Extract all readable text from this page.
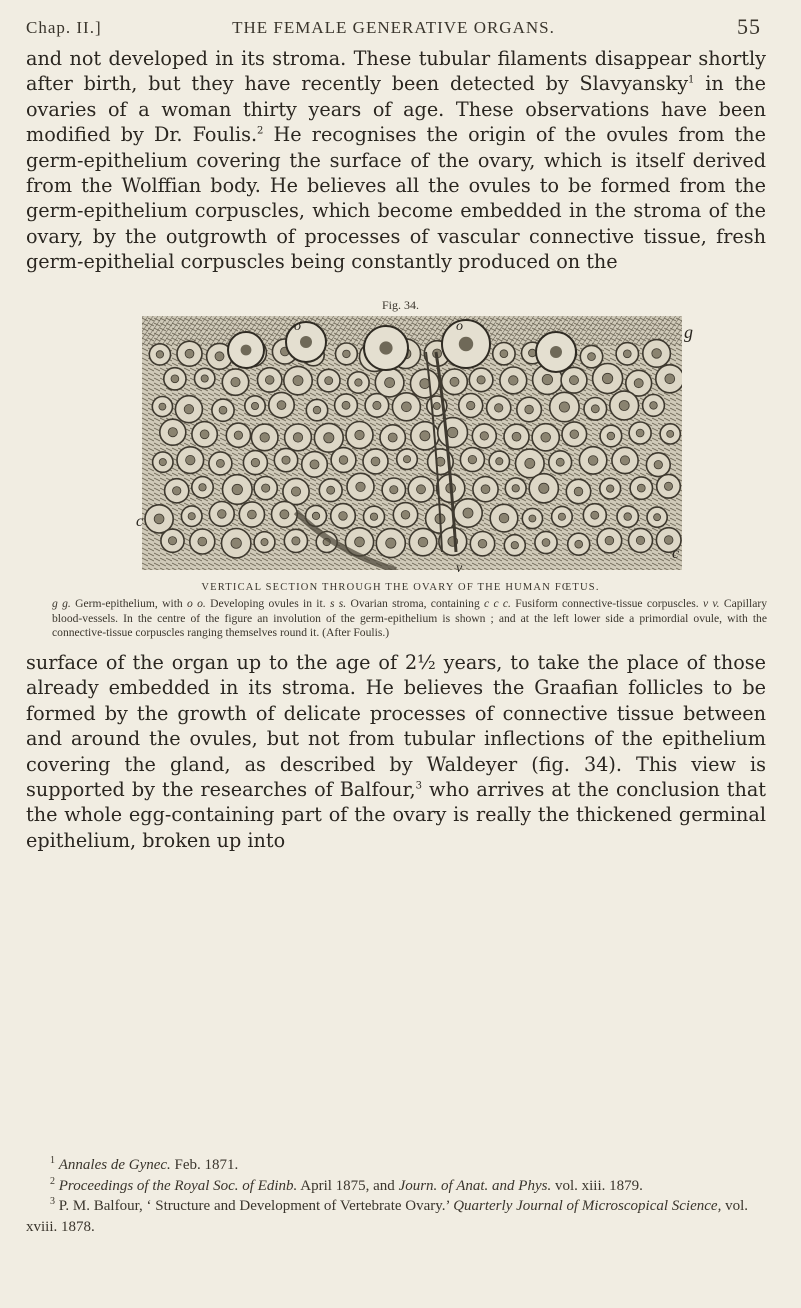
Chap. II.]	THE FEMALE GENERATIVE ORGANS.	55

and not developed in its stroma. These tubular filaments disappear shortly after birth, but they have recently been detected by Slavyansky$^1$ in the ovaries of a woman thirty years of age. These observations have been modified by Dr. Foulis.$^2$ He recognises the origin of the ovules from the germ-epithelium covering the surface of the ovary, which is itself derived from the Wolffian body. He believes all the ovules to be formed from the germ-epithelium corpuscles, which become embedded in the stroma of the ovary, by the outgrowth of processes of vascular connective tissue, fresh germ-epithelial corpuscles being constantly produced on the

Fig. 34.
g
o	o
c
c
v
VERTICAL SECTION THROUGH THE OVARY OF THE HUMAN FŒTUS.

g g. Germ-epithelium, with o o. Developing ovules in it. s s. Ovarian stroma, containing c c c. Fusiform connective-tissue corpuscles. v v. Capillary blood-vessels. In the centre of the figure an involution of the germ-epithelium is shown ; and at the left lower side a primordial ovule, with the connective-tissue corpuscles ranging themselves round it. (After Foulis.)

surface of the organ up to the age of 2½ years, to take the place of those already embedded in its stroma. He believes the Graafian follicles to be formed by the growth of delicate processes of connective tissue between and around the ovules, but not from tubular inflections of the epithelium covering the gland, as described by Waldeyer (fig. 34). This view is supported by the researches of Balfour,$^3$ who arrives at the conclusion that the whole egg-containing part of the ovary is really the thickened germinal epithelium, broken up into

$^1$ Annales de Gynec. Feb. 1871.

$^2$ Proceedings of the Royal Soc. of Edinb. April 1875, and Journ. of Anat. and Phys. vol. xiii. 1879.

$^3$ P. M. Balfour, ‘ Structure and Development of Vertebrate Ovary.’ Quarterly Journal of Microscopical Science, vol. xviii. 1878.
